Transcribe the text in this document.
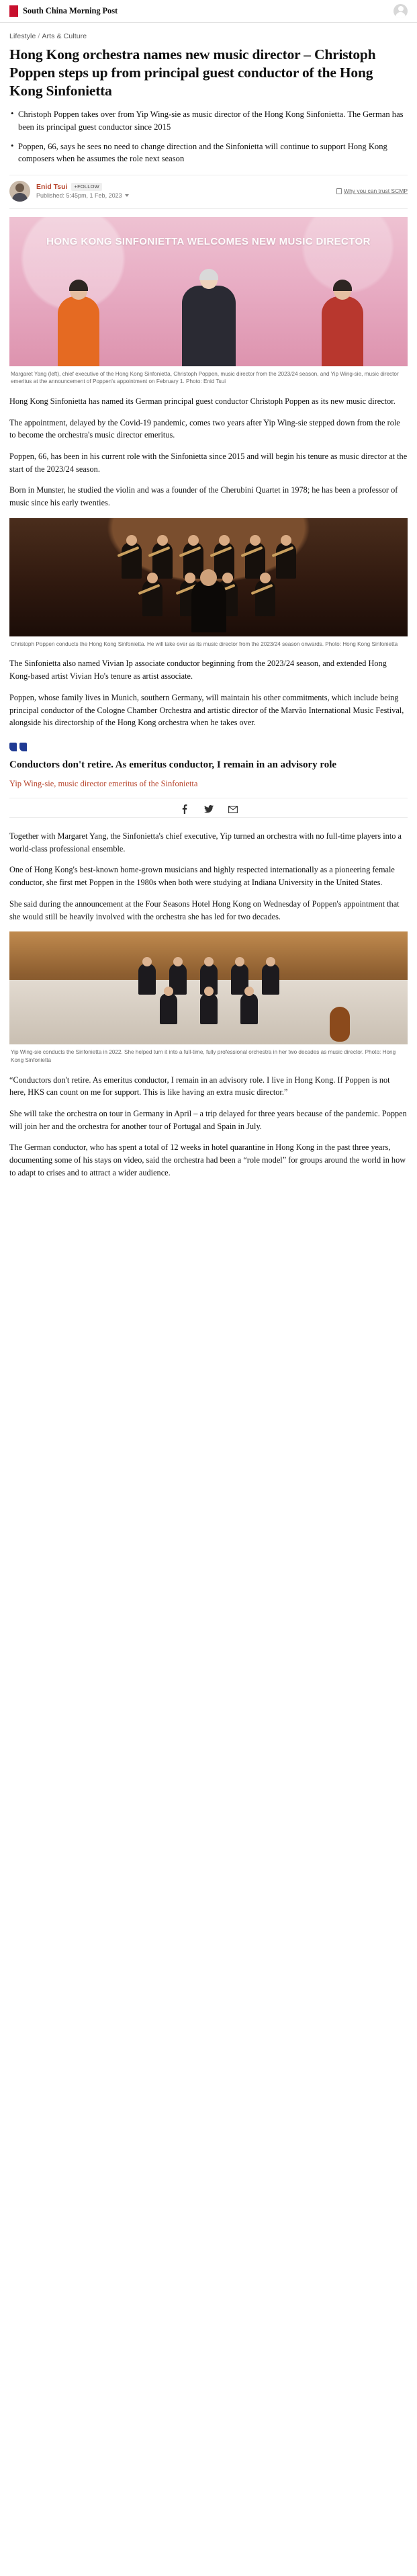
South China Morning Post
Lifestyle / Arts & Culture
Hong Kong orchestra names new music director – Christoph Poppen steps up from principal guest conductor of the Hong Kong Sinfonietta
• Christoph Poppen takes over from Yip Wing-sie as music director of the Hong Kong Sinfonietta. The German has been its principal guest conductor since 2015
• Poppen, 66, says he sees no need to change direction and the Sinfonietta will continue to support Hong Kong composers when he assumes the role next season
Enid Tsui	+FOLLOW
Published: 5:45pm, 1 Feb, 2023
Why you can trust SCMP
HONG KONG SINFONIETTA WELCOMES NEW MUSIC DIRECTOR
Margaret Yang (left), chief executive of the Hong Kong Sinfonietta, Christoph Poppen, music director from the 2023/24 season, and Yip Wing-sie, music director emeritus at the announcement of Poppen's appointment on February 1. Photo: Enid Tsui

Hong Kong Sinfonietta has named its German principal guest conductor Christoph Poppen as its new music director.

The appointment, delayed by the Covid-19 pandemic, comes two years after Yip Wing-sie stepped down from the role to become the orchestra's music director emeritus.

Poppen, 66, has been in his current role with the Sinfonietta since 2015 and will begin his tenure as music director at the start of the 2023/24 season.

Born in Munster, he studied the violin and was a founder of the Cherubini Quartet in 1978; he has been a professor of music since his early twenties.

Christoph Poppen conducts the Hong Kong Sinfonietta. He will take over as its music director from the 2023/24 season onwards. Photo: Hong Kong Sinfonietta

The Sinfonietta also named Vivian Ip associate conductor beginning from the 2023/24 season, and extended Hong Kong-based artist Vivian Ho's tenure as artist associate.

Poppen, whose family lives in Munich, southern Germany, will maintain his other commitments, which include being principal conductor of the Cologne Chamber Orchestra and artistic director of the Marvão International Music Festival, alongside his directorship of the Hong Kong orchestra when he takes over.

Conductors don't retire. As emeritus conductor, I remain in an advisory role

Yip Wing-sie, music director emeritus of the Sinfonietta

Together with Margaret Yang, the Sinfonietta's chief executive, Yip turned an orchestra with no full-time players into a world-class professional ensemble.

One of Hong Kong's best-known home-grown musicians and highly respected internationally as a pioneering female conductor, she first met Poppen in the 1980s when both were studying at Indiana University in the United States.

She said during the announcement at the Four Seasons Hotel Hong Kong on Wednesday of Poppen's appointment that she would still be heavily involved with the orchestra she has led for two decades.

Yip Wing-sie conducts the Sinfonietta in 2022. She helped turn it into a full-time, fully professional orchestra in her two decades as music director. Photo: Hong Kong Sinfonietta

“Conductors don't retire. As emeritus conductor, I remain in an advisory role. I live in Hong Kong. If Poppen is not here, HKS can count on me for support. This is like having an extra music director.”

She will take the orchestra on tour in Germany in April – a trip delayed for three years because of the pandemic. Poppen will join her and the orchestra for another tour of Portugal and Spain in July.

The German conductor, who has spent a total of 12 weeks in hotel quarantine in Hong Kong in the past three years, documenting some of his stays on video, said the orchestra had been a “role model” for groups around the world in how to adapt to crises and to attract a wider audience.
